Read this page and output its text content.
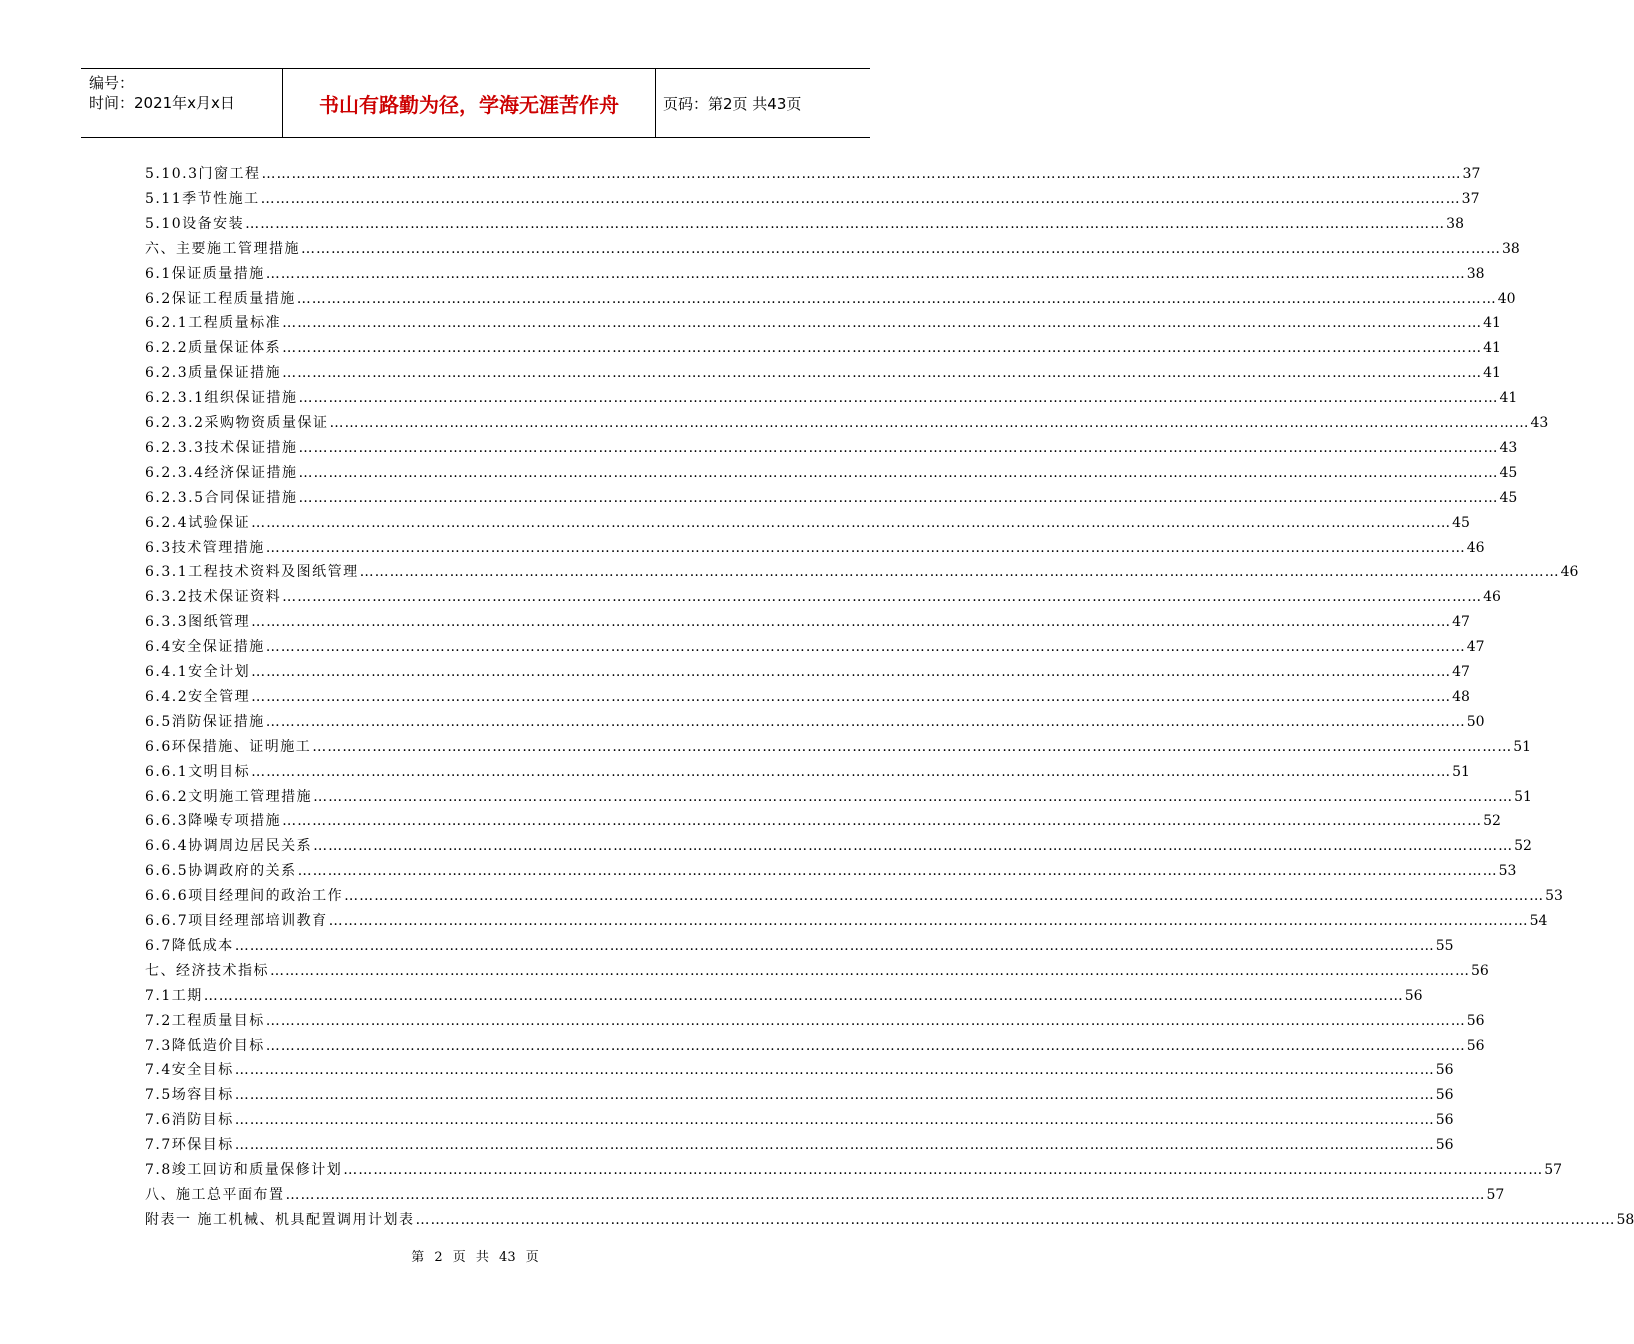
编号：
时间：2021年x月x日	书山有路勤为径，学海无涯苦作舟	页码：第2页 共43页
5.10.3门窗工程 …………………………………………………………………………………………………………………………………………………………………………………………………………………… 37
5.11季节性施工 …………………………………………………………………………………………………………………………………………………………………………………………………………………… 37
5.10设备安装 …………………………………………………………………………………………………………………………………………………………………………………………………………………… 38
六、主要施工管理措施 …………………………………………………………………………………………………………………………………………………………………………………………………………………… 38
6.1保证质量措施 …………………………………………………………………………………………………………………………………………………………………………………………………………………… 38
6.2保证工程质量措施 …………………………………………………………………………………………………………………………………………………………………………………………………………………… 40
6.2.1工程质量标准 …………………………………………………………………………………………………………………………………………………………………………………………………………………… 41
6.2.2质量保证体系 …………………………………………………………………………………………………………………………………………………………………………………………………………………… 41
6.2.3质量保证措施 …………………………………………………………………………………………………………………………………………………………………………………………………………………… 41
6.2.3.1组织保证措施 …………………………………………………………………………………………………………………………………………………………………………………………………………………… 41
6.2.3.2采购物资质量保证 …………………………………………………………………………………………………………………………………………………………………………………………………………………… 43
6.2.3.3技术保证措施 …………………………………………………………………………………………………………………………………………………………………………………………………………………… 43
6.2.3.4经济保证措施 …………………………………………………………………………………………………………………………………………………………………………………………………………………… 45
6.2.3.5合同保证措施 …………………………………………………………………………………………………………………………………………………………………………………………………………………… 45
6.2.4试验保证 …………………………………………………………………………………………………………………………………………………………………………………………………………………… 45
6.3技术管理措施 …………………………………………………………………………………………………………………………………………………………………………………………………………………… 46
6.3.1工程技术资料及图纸管理 …………………………………………………………………………………………………………………………………………………………………………………………………………………… 46
6.3.2技术保证资料 …………………………………………………………………………………………………………………………………………………………………………………………………………………… 46
6.3.3图纸管理 …………………………………………………………………………………………………………………………………………………………………………………………………………………… 47
6.4安全保证措施 …………………………………………………………………………………………………………………………………………………………………………………………………………………… 47
6.4.1安全计划 …………………………………………………………………………………………………………………………………………………………………………………………………………………… 47
6.4.2安全管理 …………………………………………………………………………………………………………………………………………………………………………………………………………………… 48
6.5消防保证措施 …………………………………………………………………………………………………………………………………………………………………………………………………………………… 50
6.6环保措施、证明施工 …………………………………………………………………………………………………………………………………………………………………………………………………………………… 51
6.6.1文明目标 …………………………………………………………………………………………………………………………………………………………………………………………………………………… 51
6.6.2文明施工管理措施 …………………………………………………………………………………………………………………………………………………………………………………………………………………… 51
6.6.3降噪专项措施 …………………………………………………………………………………………………………………………………………………………………………………………………………………… 52
6.6.4协调周边居民关系 …………………………………………………………………………………………………………………………………………………………………………………………………………………… 52
6.6.5协调政府的关系 …………………………………………………………………………………………………………………………………………………………………………………………………………………… 53
6.6.6项目经理间的政治工作 …………………………………………………………………………………………………………………………………………………………………………………………………………………… 53
6.6.7项目经理部培训教育 …………………………………………………………………………………………………………………………………………………………………………………………………………………… 54
6.7降低成本 …………………………………………………………………………………………………………………………………………………………………………………………………………………… 55
七、经济技术指标 …………………………………………………………………………………………………………………………………………………………………………………………………………………… 56
7.1工期 …………………………………………………………………………………………………………………………………………………………………………………………………………………… 56
7.2工程质量目标 …………………………………………………………………………………………………………………………………………………………………………………………………………………… 56
7.3降低造价目标 …………………………………………………………………………………………………………………………………………………………………………………………………………………… 56
7.4安全目标 …………………………………………………………………………………………………………………………………………………………………………………………………………………… 56
7.5场容目标 …………………………………………………………………………………………………………………………………………………………………………………………………………………… 56
7.6消防目标 …………………………………………………………………………………………………………………………………………………………………………………………………………………… 56
7.7环保目标 …………………………………………………………………………………………………………………………………………………………………………………………………………………… 56
7.8竣工回访和质量保修计划 …………………………………………………………………………………………………………………………………………………………………………………………………………………… 57
八、施工总平面布置 …………………………………………………………………………………………………………………………………………………………………………………………………………………… 57
附表一 施工机械、机具配置调用计划表 …………………………………………………………………………………………………………………………………………………………………………………………………………………… 58
第 2 页 共 43 页
